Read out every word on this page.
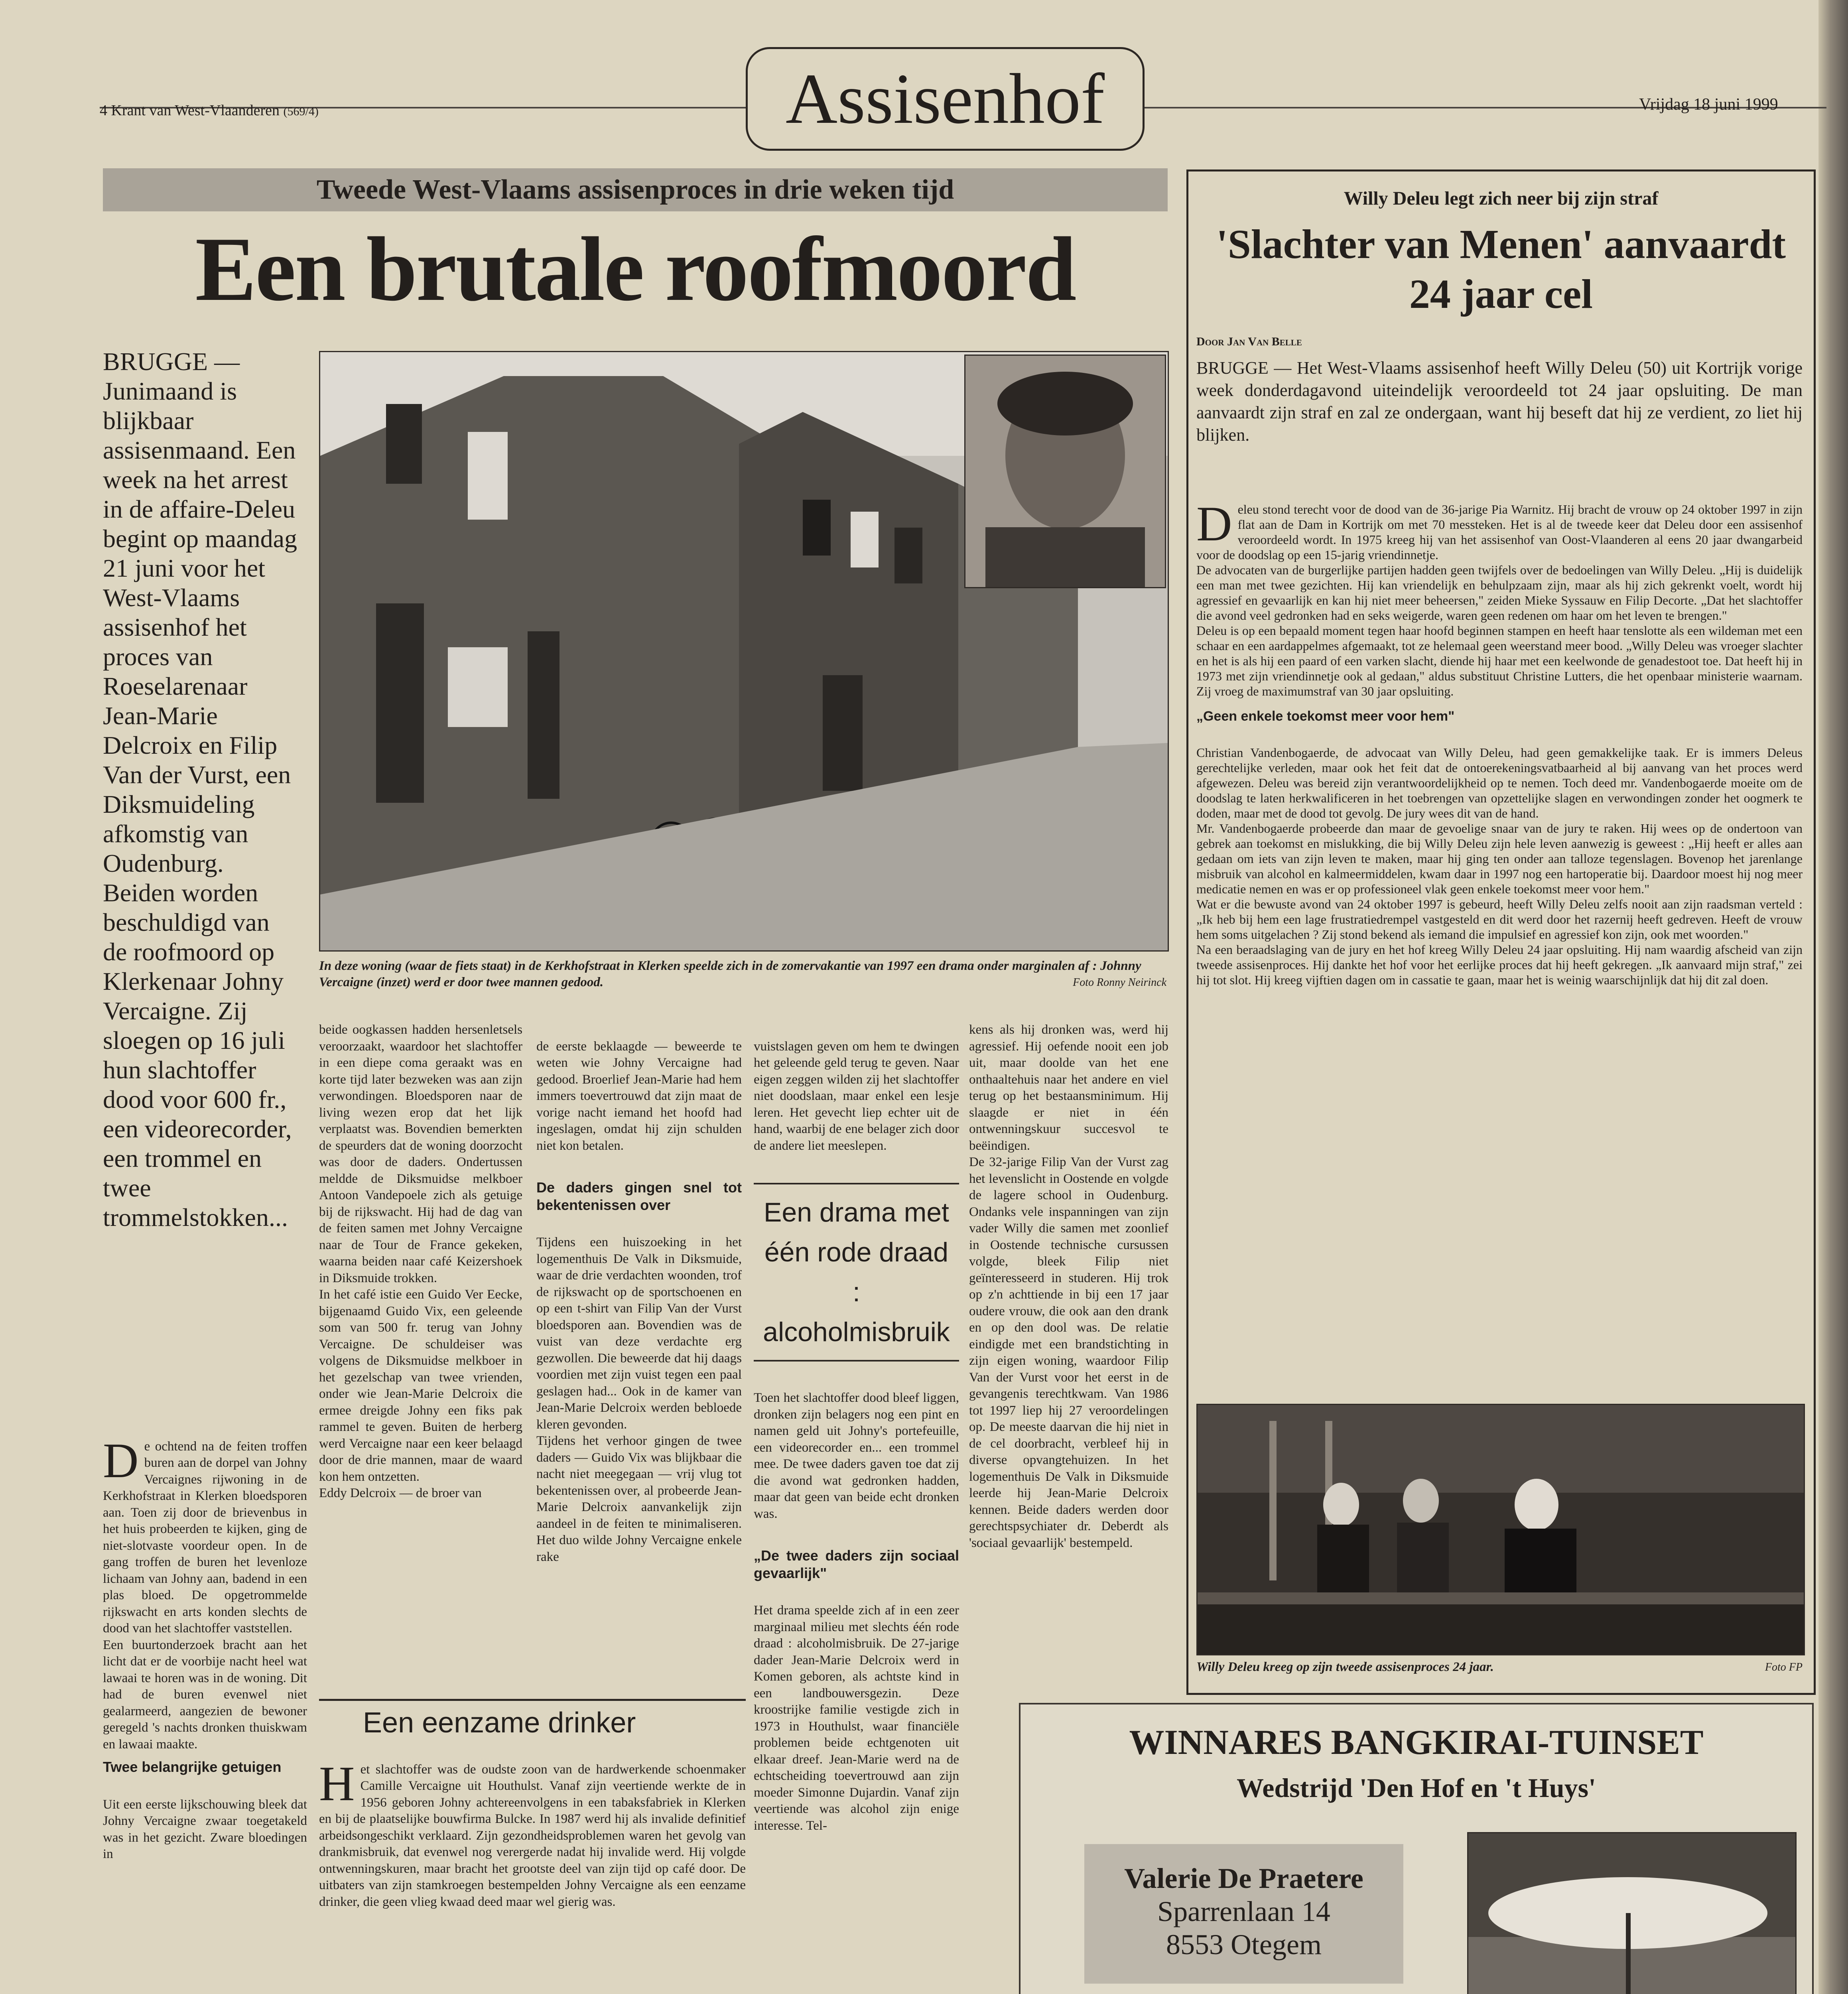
4 Krant van West-Vlaanderen (569/4)	Assisenhof	Vrijdag 18 juni 1999
Tweede West-Vlaams assisenproces in drie weken tijd
Een brutale roofmoord
BRUGGE — Junimaand is blijkbaar assisenmaand. Een week na het arrest in de affaire-Deleu begint op maandag 21 juni voor het West-Vlaams assisenhof het proces van Roeselarenaar Jean-Marie Delcroix en Filip Van der Vurst, een Diksmuideling afkomstig van Oudenburg. Beiden worden beschuldigd van de roofmoord op Klerkenaar Johny Vercaigne. Zij sloegen op 16 juli hun slachtoffer dood voor 600 fr., een videorecorder, een trommel en twee trommelstokken...
In deze woning (waar de fiets staat) in de Kerkhofstraat in Klerken speelde zich in de zomervakantie van 1997 een drama onder marginalen af : Johnny Vercaigne (inzet) werd er door twee mannen gedood.	Foto Ronny Neirinck

De ochtend na de feiten troffen buren aan de dorpel van Johny Vercaignes rijwoning in de Kerkhofstraat in Klerken bloedsporen aan. Toen zij door de brievenbus in het huis probeerden te kijken, ging de niet-slotvaste voordeur open. In de gang troffen de buren het levenloze lichaam van Johny aan, badend in een plas bloed. De opgetrommelde rijkswacht en arts konden slechts de dood van het slachtoffer vaststellen.
Een buurtonderzoek bracht aan het licht dat er de voorbije nacht heel wat lawaai te horen was in de woning. Dit had de buren evenwel niet gealarmeerd, aangezien de bewoner geregeld 's nachts dronken thuiskwam en lawaai maakte.

Twee belangrijke getuigen

Uit een eerste lijkschouwing bleek dat Johny Vercaigne zwaar toegetakeld was in het gezicht. Zware bloedingen in

beide oogkassen hadden hersenletsels veroorzaakt, waardoor het slachtoffer in een diepe coma geraakt was en korte tijd later bezweken was aan zijn verwondingen. Bloedsporen naar de living wezen erop dat het lijk verplaatst was. Bovendien bemerkten de speurders dat de woning doorzocht was door de daders. Ondertussen meldde de Diksmuidse melkboer Antoon Vandepoele zich als getuige bij de rijkswacht. Hij had de dag van de feiten samen met Johny Vercaigne naar de Tour de France gekeken, waarna beiden naar café Keizershoek in Diksmuide trokken.
In het café istie een Guido Ver Eecke, bijgenaamd Guido Vix, een geleende som van 500 fr. terug van Johny Vercaigne. De schuldeiser was volgens de Diksmuidse melkboer in het gezelschap van twee vrienden, onder wie Jean-Marie Delcroix die ermee dreigde Johny een fiks pak rammel te geven. Buiten de herberg werd Vercaigne naar een keer belaagd door de drie mannen, maar de waard kon hem ontzetten.
Eddy Delcroix — de broer van

de eerste beklaagde — beweerde te weten wie Johny Vercaigne had gedood. Broerlief Jean-Marie had hem immers toevertrouwd dat zijn maat de vorige nacht iemand het hoofd had ingeslagen, omdat hij zijn schulden niet kon betalen.

De daders gingen snel tot bekentenissen over

Tijdens een huiszoeking in het logementhuis De Valk in Diksmuide, waar de drie verdachten woonden, trof de rijkswacht op de sportschoenen en op een t-shirt van Filip Van der Vurst bloedsporen aan. Bovendien was de vuist van deze verdachte erg gezwollen. Die beweerde dat hij daags voordien met zijn vuist tegen een paal geslagen had... Ook in de kamer van Jean-Marie Delcroix werden bebloede kleren gevonden.
Tijdens het verhoor gingen de twee daders — Guido Vix was blijkbaar die nacht niet meegegaan — vrij vlug tot bekentenissen over, al probeerde Jean-Marie Delcroix aanvankelijk zijn aandeel in de feiten te minimaliseren. Het duo wilde Johny Vercaigne enkele rake

vuistslagen geven om hem te dwingen het geleende geld terug te geven. Naar eigen zeggen wilden zij het slachtoffer niet doodslaan, maar enkel een lesje leren. Het gevecht liep echter uit de hand, waarbij de ene belager zich door de andere liet meeslepen.

Een drama met één rode draad : alcoholmisbruik

Toen het slachtoffer dood bleef liggen, dronken zijn belagers nog een pint en namen geld uit Johny's portefeuille, een videorecorder en... een trommel mee. De twee daders gaven toe dat zij die avond wat gedronken hadden, maar dat geen van beide echt dronken was.

„De twee daders zijn sociaal gevaarlijk"

Het drama speelde zich af in een zeer marginaal milieu met slechts één rode draad : alcoholmisbruik. De 27-jarige dader Jean-Marie Delcroix werd in Komen geboren, als achtste kind in een landbouwersgezin. Deze kroostrijke familie vestigde zich in 1973 in Houthulst, waar financiële problemen beide echtgenoten uit elkaar dreef. Jean-Marie werd na de echtscheiding toevertrouwd aan zijn moeder Simonne Dujardin. Vanaf zijn veertiende was alcohol zijn enige interesse. Tel-

kens als hij dronken was, werd hij agressief. Hij oefende nooit een job uit, maar doolde van het ene onthaaltehuis naar het andere en viel terug op het bestaansminimum. Hij slaagde er niet in één ontwenningskuur succesvol te beëindigen.
De 32-jarige Filip Van der Vurst zag het levenslicht in Oostende en volgde de lagere school in Oudenburg. Ondanks vele inspanningen van zijn vader Willy die samen met zoonlief in Oostende technische cursussen volgde, bleek Filip niet geïnteresseerd in studeren. Hij trok op z'n achttiende in bij een 17 jaar oudere vrouw, die ook aan den drank en op den dool was. De relatie eindigde met een brandstichting in zijn eigen woning, waardoor Filip Van der Vurst voor het eerst in de gevangenis terechtkwam. Van 1986 tot 1997 liep hij 27 veroordelingen op. De meeste daarvan die hij niet in de cel doorbracht, verbleef hij in diverse opvangtehuizen. In het logementhuis De Valk in Diksmuide leerde hij Jean-Marie Delcroix kennen. Beide daders werden door gerechtspsychiater dr. Deberdt als 'sociaal gevaarlijk' bestempeld.
Een eenzame drinker

Het slachtoffer was de oudste zoon van de hardwerkende schoenmaker Camille Vercaigne uit Houthulst. Vanaf zijn veertiende werkte de in 1956 geboren Johny achtereenvolgens in een tabaksfabriek in Klerken en bij de plaatselijke bouwfirma Bulcke. In 1987 werd hij als invalide definitief arbeidsongeschikt verklaard. Zijn gezondheidsproblemen waren het gevolg van drankmisbruik, dat evenwel nog verergerde nadat hij invalide werd. Hij volgde ontwenningskuren, maar bracht het grootste deel van zijn tijd op café door. De uitbaters van zijn stamkroegen bestempelden Johny Vercaigne als een eenzame drinker, die geen vlieg kwaad deed maar wel gierig was.

Willy Deleu legt zich neer bij zijn straf
'Slachter van Menen' aanvaardt 24 jaar cel
Door Jan Van Belle
BRUGGE — Het West-Vlaams assisenhof heeft Willy Deleu (50) uit Kortrijk vorige week donderdagavond uiteindelijk veroordeeld tot 24 jaar opsluiting. De man aanvaardt zijn straf en zal ze ondergaan, want hij beseft dat hij ze verdient, zo liet hij blijken.

Deleu stond terecht voor de dood van de 36-jarige Pia Warnitz. Hij bracht de vrouw op 24 oktober 1997 in zijn flat aan de Dam in Kortrijk om met 70 messteken. Het is al de tweede keer dat Deleu door een assisenhof veroordeeld wordt. In 1975 kreeg hij van het assisenhof van Oost-Vlaanderen al eens 20 jaar dwangarbeid voor de doodslag op een 15-jarig vriendinnetje.
De advocaten van de burgerlijke partijen hadden geen twijfels over de bedoelingen van Willy Deleu. „Hij is duidelijk een man met twee gezichten. Hij kan vriendelijk en behulpzaam zijn, maar als hij zich gekrenkt voelt, wordt hij agressief en gevaarlijk en kan hij niet meer beheersen," zeiden Mieke Syssauw en Filip Decorte. „Dat het slachtoffer die avond veel gedronken had en seks weigerde, waren geen redenen om haar om het leven te brengen."
Deleu is op een bepaald moment tegen haar hoofd beginnen stampen en heeft haar tenslotte als een wildeman met een schaar en een aardappelmes afgemaakt, tot ze helemaal geen weerstand meer bood. „Willy Deleu was vroeger slachter en het is als hij een paard of een varken slacht, diende hij haar met een keelwonde de genadestoot toe. Dat heeft hij in 1973 met zijn vriendinnetje ook al gedaan," aldus substituut Christine Lutters, die het openbaar ministerie waarnam. Zij vroeg de maximumstraf van 30 jaar opsluiting.

„Geen enkele toekomst meer voor hem"

Christian Vandenbogaerde, de advocaat van Willy Deleu, had geen gemakkelijke taak. Er is immers Deleus gerechtelijke verleden, maar ook het feit dat de ontoerekeningsvatbaarheid al bij aanvang van het proces werd afgewezen. Deleu was bereid zijn verantwoordelijkheid op te nemen. Toch deed mr. Vandenbogaerde moeite om de doodslag te laten herkwalificeren in het toebrengen van opzettelijke slagen en verwondingen zonder het oogmerk te doden, maar met de dood tot gevolg. De jury wees dit van de hand.
Mr. Vandenbogaerde probeerde dan maar de gevoelige snaar van de jury te raken. Hij wees op de ondertoon van gebrek aan toekomst en mislukking, die bij Willy Deleu zijn hele leven aanwezig is geweest : „Hij heeft er alles aan gedaan om iets van zijn leven te maken, maar hij ging ten onder aan talloze tegenslagen. Bovenop het jarenlange misbruik van alcohol en kalmeermiddelen, kwam daar in 1997 nog een hartoperatie bij. Daardoor moest hij nog meer medicatie nemen en was er op professioneel vlak geen enkele toekomst meer voor hem."
Wat er die bewuste avond van 24 oktober 1997 is gebeurd, heeft Willy Deleu zelfs nooit aan zijn raadsman verteld : „Ik heb bij hem een lage frustratiedrempel vastgesteld en dit werd door het razernij heeft gedreven. Heeft de vrouw hem soms uitgelachen ? Zij stond bekend als iemand die impulsief en agressief kon zijn, ook met woorden."
Na een beraadslaging van de jury en het hof kreeg Willy Deleu 24 jaar opsluiting. Hij nam waardig afscheid van zijn tweede assisenproces. Hij dankte het hof voor het eerlijke proces dat hij heeft gekregen. „Ik aanvaard mijn straf," zei hij tot slot. Hij kreeg vijftien dagen om in cassatie te gaan, maar het is weinig waarschijnlijk dat hij dit zal doen.

Willy Deleu kreeg op zijn tweede assisenproces 24 jaar.	Foto FP
WINNARES BANGKIRAI-TUINSET
Wedstrijd 'Den Hof en 't Huys'
Valerie De Praetere
Sparrenlaan 14
8553 Otegem
